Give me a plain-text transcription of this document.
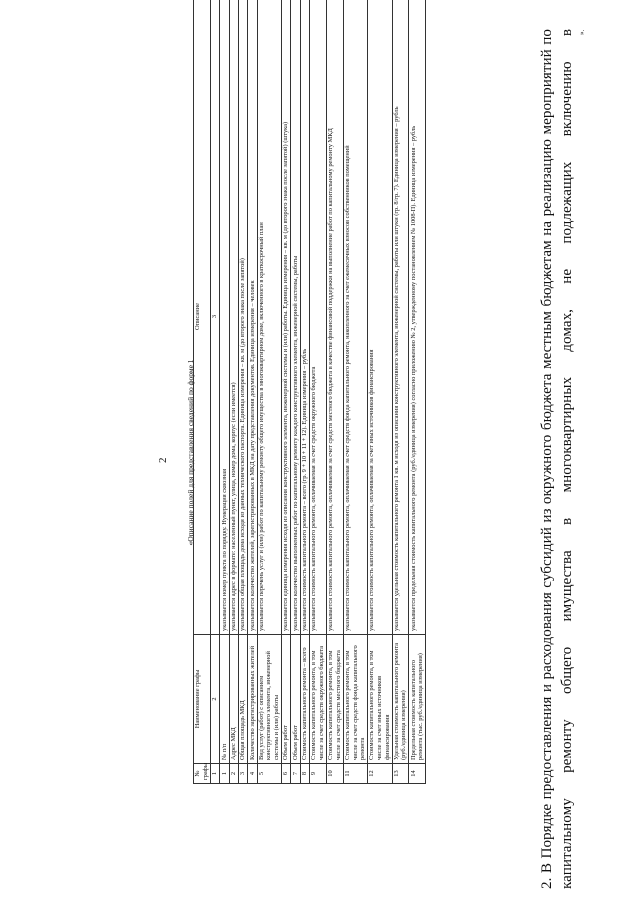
2 «Описание полей для представления сведений по форме 1
№ графы	Наименование графы	Описание
1	2	3
1	№ п/п	указывается номер пункта по порядку. Нумерация сквозная
2	Адрес МКД	указывается адрес в формате: населенный пункт, улица, номер дома, корпус (если имеется)
3	Общая площадь МКД	указывается общая площадь дома исходя из данных технического паспорта. Единица измерения – кв. м (до второго знака после запятой)
4	Количество зарегистрированных жителей	указывается количество жителей, зарегистрированных в МКД на дату представления документов. Единица измерения – человек
5	Вид услуг (работ) с описанием конструктивного элемента, инженерной системы и (или) работы	указывается перечень услуг и (или) работ по капитальному ремонту общего имущества в многоквартирном доме, включенного в краткосрочный план
6	Объем работ	указывается единица измерения исходя из описания конструктивного элемента, инженерной системы и (или) работы. Единица измерения – кв. м (до второго знака после запятой) (штука)
7	Объем работ	указывается количество выполненных работ по капитальному ремонту каждого конструктивного элемента, инженерной системы, работы
8	Стоимость капитального ремонта – всего	указывается стоимость капитального ремонта – всего (гр. 9 + 10 + 11 + 12). Единица измерения – рубль
9	Стоимость капитального ремонта, в том числе за счет средств окружного бюджета	указывается стоимость капитального ремонта, оплачиваемая за счет средств окружного бюджета
10	Стоимость капитального ремонта, в том числе за счет средств местного бюджета	указывается стоимость капитального ремонта, оплачиваемая за счет средств местного бюджета в качестве финансовой поддержки на выполнение работ по капитальному ремонту МКД
11	Стоимость капитального ремонта, в том числе за счет средств фонда капитального ремонта	указывается стоимость капитального ремонта, оплачиваемая за счет средств фонда капитального ремонта, накопленного за счет ежемесячных взносов собственников помещений
12	Стоимость капитального ремонта, в том числе за счет иных источников финансирования	указывается стоимость капитального ремонта, оплачиваемая за счет иных источников финансирования
13	Удельная стоимость капитального ремонта (руб./единица измерения)	указывается удельная стоимость капитального ремонта 1 кв. м исходя из описания конструктивного элемента, инженерной системы, работы или штуки (гр. 8/гр. 7). Единица измерения – рубль
14	Предельная стоимость капитального ремонта (тыс. руб./единица измерения)	указывается предельная стоимость капитального ремонта (руб./единица измерения) согласно приложению № 2, утвержденному постановлением № 1008-П). Единица измерения – рубль
».
2. В Порядке предоставления и расходования субсидий из окружного бюджета местным бюджетам на реализацию мероприятий по капитальному ремонту общего имущества в многоквартирных домах, не подлежащих включению в
